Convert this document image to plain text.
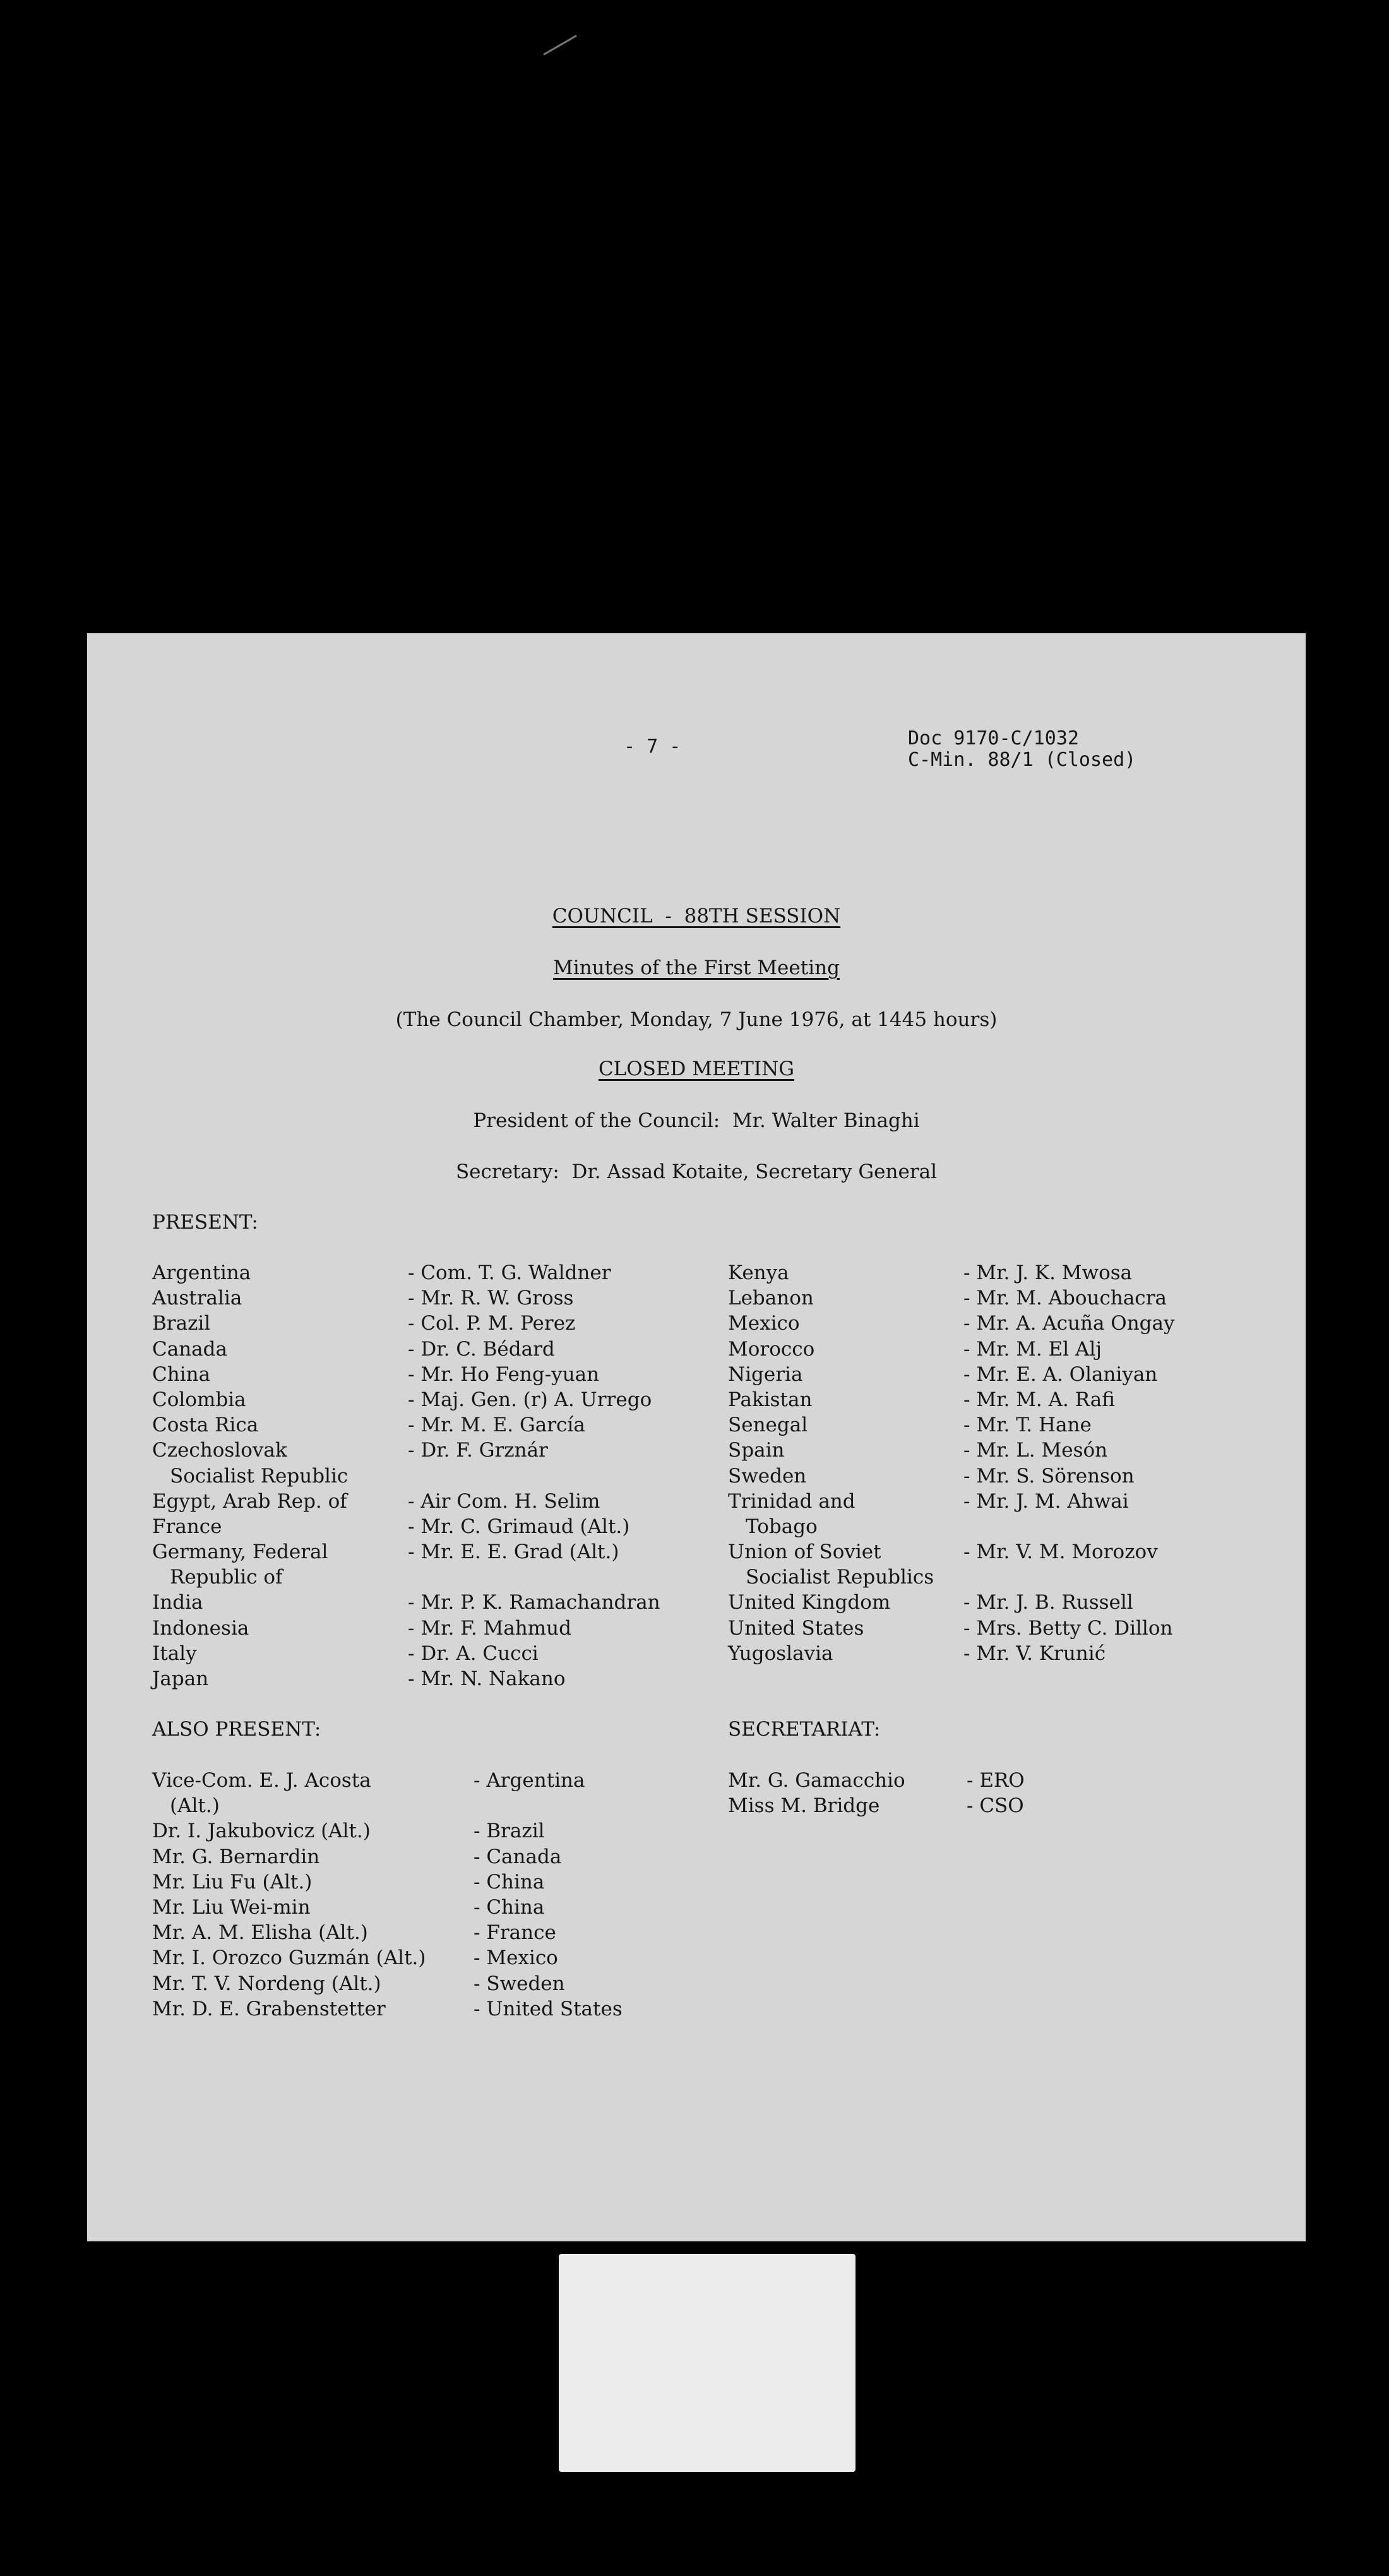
- 7 -	Doc 9170-C/1032
C-Min. 88/1 (Closed)
COUNCIL  -  88TH SESSION
Minutes of the First Meeting
(The Council Chamber, Monday, 7 June 1976, at 1445 hours)
CLOSED MEETING
President of the Council:  Mr. Walter Binaghi
Secretary:  Dr. Assad Kotaite, Secretary General
PRESENT:
Argentina
Australia
Brazil
Canada
China
Colombia
Costa Rica
Czechoslovak
Socialist Republic
Egypt, Arab Rep. of
France
Germany, Federal
Republic of
India
Indonesia
Italy
Japan
- Com. T. G. Waldner
- Mr. R. W. Gross
- Col. P. M. Perez
- Dr. C. Bédard
- Mr. Ho Feng-yuan
- Maj. Gen. (r) A. Urrego
- Mr. M. E. García
- Dr. F. Grznár
- Air Com. H. Selim
- Mr. C. Grimaud (Alt.)
- Mr. E. E. Grad (Alt.)
- Mr. P. K. Ramachandran
- Mr. F. Mahmud
- Dr. A. Cucci
- Mr. N. Nakano
Kenya
Lebanon
Mexico
Morocco
Nigeria
Pakistan
Senegal
Spain
Sweden
Trinidad and
Tobago
Union of Soviet
Socialist Republics
United Kingdom
United States
Yugoslavia
- Mr. J. K. Mwosa
- Mr. M. Abouchacra
- Mr. A. Acuña Ongay
- Mr. M. El Alj
- Mr. E. A. Olaniyan
- Mr. M. A. Rafi
- Mr. T. Hane
- Mr. L. Mesón
- Mr. S. Sörenson
- Mr. J. M. Ahwai
- Mr. V. M. Morozov
- Mr. J. B. Russell
- Mrs. Betty C. Dillon
- Mr. V. Krunić
ALSO PRESENT:	SECRETARIAT:
Vice-Com. E. J. Acosta
(Alt.)
Dr. I. Jakubovicz (Alt.)
Mr. G. Bernardin
Mr. Liu Fu (Alt.)
Mr. Liu Wei-min
Mr. A. M. Elisha (Alt.)
Mr. I. Orozco Guzmán (Alt.)
Mr. T. V. Nordeng (Alt.)
Mr. D. E. Grabenstetter
- Argentina
- Brazil
- Canada
- China
- China
- France
- Mexico
- Sweden
- United States
Mr. G. Gamacchio
Miss M. Bridge
- ERO
- CSO
